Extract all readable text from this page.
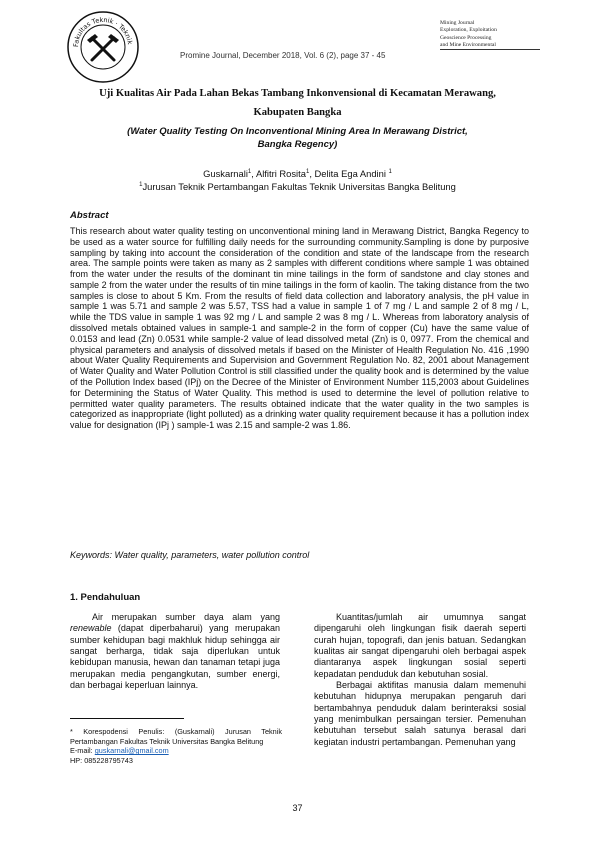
Fakultas Teknik · Teknik
Promine Journal, December 2018, Vol. 6 (2), page 37 - 45
Mining Journal
Exploration, Exploitation
Geoscience Processing
and Mine Environmental
Uji Kualitas Air Pada Lahan Bekas Tambang Inkonvensional di Kecamatan Merawang,
Kabupaten Bangka
(Water Quality Testing On Inconventional Mining Area In Merawang District,
Bangka Regency)
Guskarnali$^1$, Alfitri Rosita$^1$, Delita Ega Andini $^1$
$^1$Jurusan Teknik Pertambangan Fakultas Teknik Universitas Bangka Belitung
Abstract
This research about water quality testing on unconventional mining land in Merawang District, Bangka Regency to be used as a water source for fulfilling daily needs for the surrounding community.Sampling is done by purposive sampling by taking into account the consideration of the condition and state of the landscape from the research area. The sample points were taken as many as 2 samples with different conditions where sample 1 was obtained from the water under the results of the dominant tin mine tailings in the form of sandstone and clay stones and sample 2 from the water under the results of tin mine tailings in the form of kaolin. The taking distance from the two samples is close to about 5 Km. From the results of field data collection and laboratory analysis, the pH value in sample 1 was 5.71 and sample 2 was 5.57, TSS had a value in sample 1 of 7 mg / L and sample 2 of 8 mg / L, while the TDS value in sample 1 was 92 mg / L and sample 2 was 8 mg / L. Whereas from laboratory analysis of dissolved metals obtained values in sample-1 and sample-2 in the form of copper (Cu) have the same value of 0.0153 and lead (Zn) 0.0531 while sample-2 value of lead dissolved metal (Zn) is 0, 0977. From the chemical and physical parameters and analysis of dissolved metals if based on the Minister of Health Regulation No. 416 ,1990 about Water Quality Requirements and Supervision and Government Regulation No. 82, 2001 about Management of Water Quality and Water Pollution Control is still classified under the quality book and is determined by the value of the Pollution Index based (IPj) on the Decree of the Minister of Environment Number 115,2003 about Guidelines for Determining the Status of Water Quality. This method is used to determine the level of pollution relative to permitted water quality parameters. The results obtained indicate that the water quality in the two samples is categorized as inappropriate (light polluted) as a drinking water quality requirement because it has a pollution index value for designation (IPj ) sample-1 was 2.15 and sample-2 was 1.86.
Keywords: Water quality, parameters, water pollution control
1. Pendahuluan

Air merupakan sumber daya alam yang renewable (dapat diperbaharui) yang merupakan sumber kehidupan bagi makhluk hidup sehingga air sangat berharga, tidak saja diperlukan untuk kebidupan manusia, hewan dan tanaman tetapi juga merupakan media pengangkutan, sumber energi, dan berbagai keperluan lainnya.

Kuantitas/jumlah air umumnya sangat dipengaruhi oleh lingkungan fisik daerah seperti curah hujan, topografi, dan jenis batuan. Sedangkan kualitas air sangat dipengaruhi oleh berbagai aspek diantaranya aspek lingkungan sosial seperti kepadatan penduduk dan kebutuhan sosial.

Berbagai aktifitas manusia dalam memenuhi kebutuhan hidupnya merupakan pengaruh dari bertambahnya penduduk dalam berinteraksi sosial yang menimbulkan persaingan tersier. Pemenuhan kebutuhan tersebut salah satunya berasal dari kegiatan industri pertambangan. Pemenuhan yang

* Korespodensi Penulis: (Guskarnali) Jurusan Teknik Pertambangan Fakultas Teknik Universitas Bangka Belitung
E-mail: guskarnali@gmail.com
HP: 085228795743
37
